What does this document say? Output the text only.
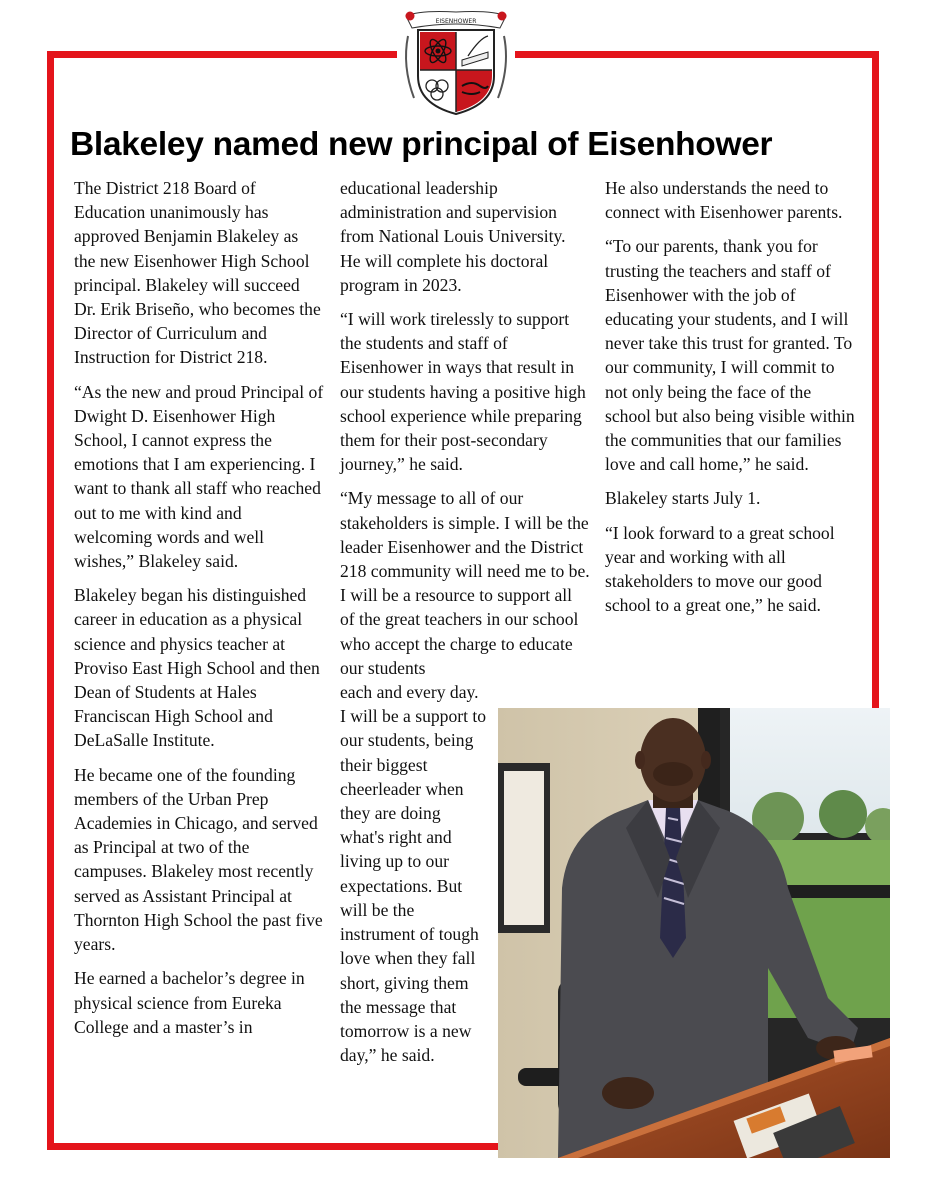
EISENHOWER
Blakeley named new principal of Eisenhower

The District 218 Board of Education unanimously has approved Benjamin Blakeley as the new Eisenhower High School principal. Blakeley will succeed Dr. Erik Briseño, who becomes the Director of Curriculum and Instruction for District 218.

“As the new and proud Principal of Dwight D. Eisenhower High School, I cannot express the emotions that I am experiencing. I want to thank all staff who reached out to me with kind and welcoming words and well wishes,” Blakeley said.

Blakeley began his distinguished career in education as a physical science and physics teacher at Proviso East High School and then Dean of Students at Hales Franciscan High School and DeLaSalle Institute.

He became one of the founding members of the Urban Prep Academies in Chicago, and served as Principal at two of the campuses. Blakeley most recently served as Assistant Principal at Thornton High School the past five years.

He earned a bachelor’s degree in physical science from Eureka College and a master’s in

educational leadership administration and supervision from National Louis University. He will complete his doctoral program in 2023.

“I will work tirelessly to support the students and staff of Eisenhower in ways that result in our students having a positive high school experience while preparing them for their post-secondary journey,” he said.

“My message to all of our stakeholders is simple. I will be the leader Eisenhower and the District 218 community will need me to be. I will be a resource to support all of the great teachers in our school who accept the charge to educate our students

each and every day. I will be a support to our students, being their biggest cheerleader when they are doing what's right and living up to our expectations. But will be the instrument of tough love when they fall short, giving them the message that tomorrow is a new day,” he said.

He also understands the need to connect with Eisenhower parents.

“To our parents, thank you for trusting the teachers and staff of Eisenhower with the job of educating your students, and I will never take this trust for granted. To our community, I will commit to not only being the face of the school but also being visible within the communities that our families love and call home,” he said.

Blakeley starts July 1.

“I look forward to a great school year and working with all stakeholders to move our good school to a great one,” he said.
